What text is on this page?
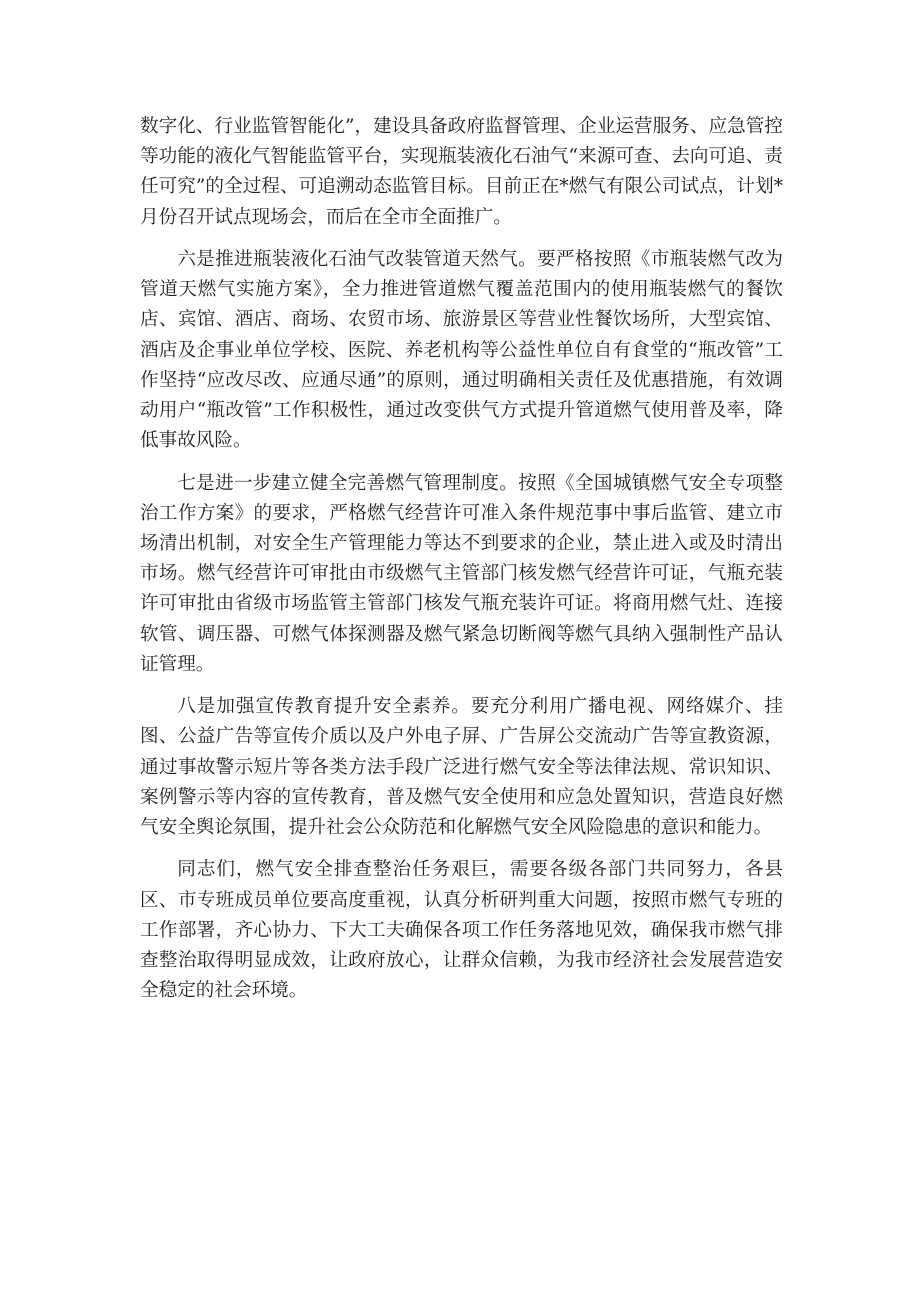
数字化、行业监管智能化”，建设具备政府监督管理、企业运营服务、应急管控等功能的液化气智能监管平台，实现瓶装液化石油气“来源可查、去向可追、责任可究”的全过程、可追溯动态监管目标。目前正在*燃气有限公司试点，计划*月份召开试点现场会，而后在全市全面推广。

六是推进瓶装液化石油气改装管道天然气。要严格按照《市瓶装燃气改为管道天燃气实施方案》，全力推进管道燃气覆盖范围内的使用瓶装燃气的餐饮店、宾馆、酒店、商场、农贸市场、旅游景区等营业性餐饮场所，大型宾馆、酒店及企事业单位学校、医院、养老机构等公益性单位自有食堂的“瓶改管”工作坚持“应改尽改、应通尽通”的原则，通过明确相关责任及优惠措施，有效调动用户“瓶改管”工作积极性，通过改变供气方式提升管道燃气使用普及率，降低事故风险。

七是进一步建立健全完善燃气管理制度。按照《全国城镇燃气安全专项整治工作方案》的要求，严格燃气经营许可准入条件规范事中事后监管、建立市场清出机制，对安全生产管理能力等达不到要求的企业，禁止进入或及时清出市场。燃气经营许可审批由市级燃气主管部门核发燃气经营许可证，气瓶充装许可审批由省级市场监管主管部门核发气瓶充装许可证。将商用燃气灶、连接软管、调压器、可燃气体探测器及燃气紧急切断阀等燃气具纳入强制性产品认证管理。

八是加强宣传教育提升安全素养。要充分利用广播电视、网络媒介、挂图、公益广告等宣传介质以及户外电子屏、广告屏公交流动广告等宣教资源，通过事故警示短片等各类方法手段广泛进行燃气安全等法律法规、常识知识、案例警示等内容的宣传教育，普及燃气安全使用和应急处置知识，营造良好燃气安全舆论氛围，提升社会公众防范和化解燃气安全风险隐患的意识和能力。

同志们，燃气安全排查整治任务艰巨，需要各级各部门共同努力，各县区、市专班成员单位要高度重视，认真分析研判重大问题，按照市燃气专班的工作部署，齐心协力、下大工夫确保各项工作任务落地见效，确保我市燃气排查整治取得明显成效，让政府放心，让群众信赖，为我市经济社会发展营造安全稳定的社会环境。
